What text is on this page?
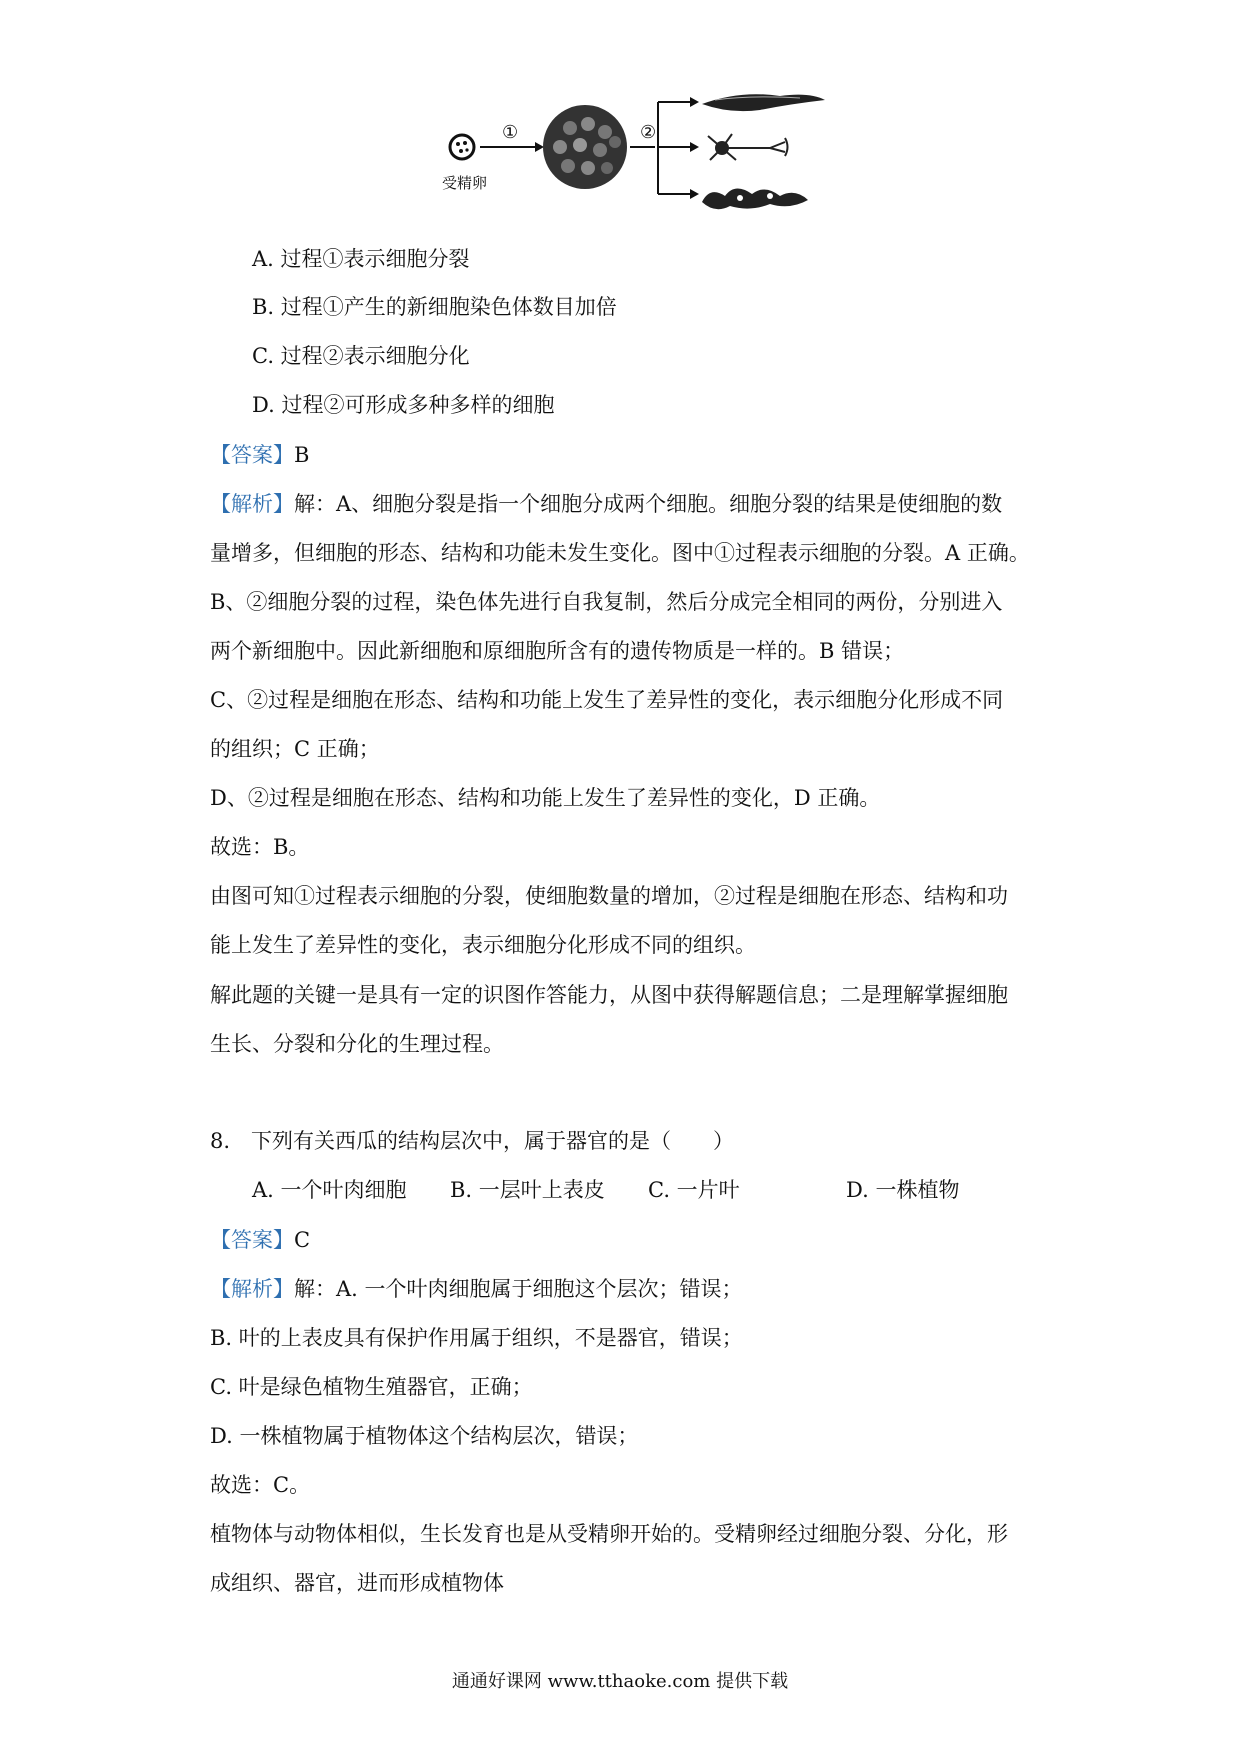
受精卵
①	②
A. 过程①表示细胞分裂
B. 过程①产生的新细胞染色体数目加倍
C. 过程②表示细胞分化
D. 过程②可形成多种多样的细胞
【答案】B
【解析】解：A、细胞分裂是指一个细胞分成两个细胞。细胞分裂的结果是使细胞的数
量增多，但细胞的形态、结构和功能未发生变化。图中①过程表示细胞的分裂。A 正确。
B、②细胞分裂的过程，染色体先进行自我复制，然后分成完全相同的两份，分别进入
两个新细胞中。因此新细胞和原细胞所含有的遗传物质是一样的。B 错误；
C、②过程是细胞在形态、结构和功能上发生了差异性的变化，表示细胞分化形成不同
的组织；C 正确；
D、②过程是细胞在形态、结构和功能上发生了差异性的变化，D 正确。
故选：B。
由图可知①过程表示细胞的分裂，使细胞数量的增加，②过程是细胞在形态、结构和功
能上发生了差异性的变化，表示细胞分化形成不同的组织。
解此题的关键一是具有一定的识图作答能力，从图中获得解题信息；二是理解掌握细胞
生长、分裂和分化的生理过程。
8.　下列有关西瓜的结构层次中，属于器官的是（　　）
A. 一个叶肉细胞 B. 一层叶上表皮 C. 一片叶	D. 一株植物
【答案】C
【解析】解：A. 一个叶肉细胞属于细胞这个层次；错误；
B. 叶的上表皮具有保护作用属于组织，不是器官，错误；
C. 叶是绿色植物生殖器官，正确；
D. 一株植物属于植物体这个结构层次，错误；
故选：C。
植物体与动物体相似，生长发育也是从受精卵开始的。受精卵经过细胞分裂、分化，形
成组织、器官，进而形成植物体
通通好课网 www.tthaoke.com 提供下载
